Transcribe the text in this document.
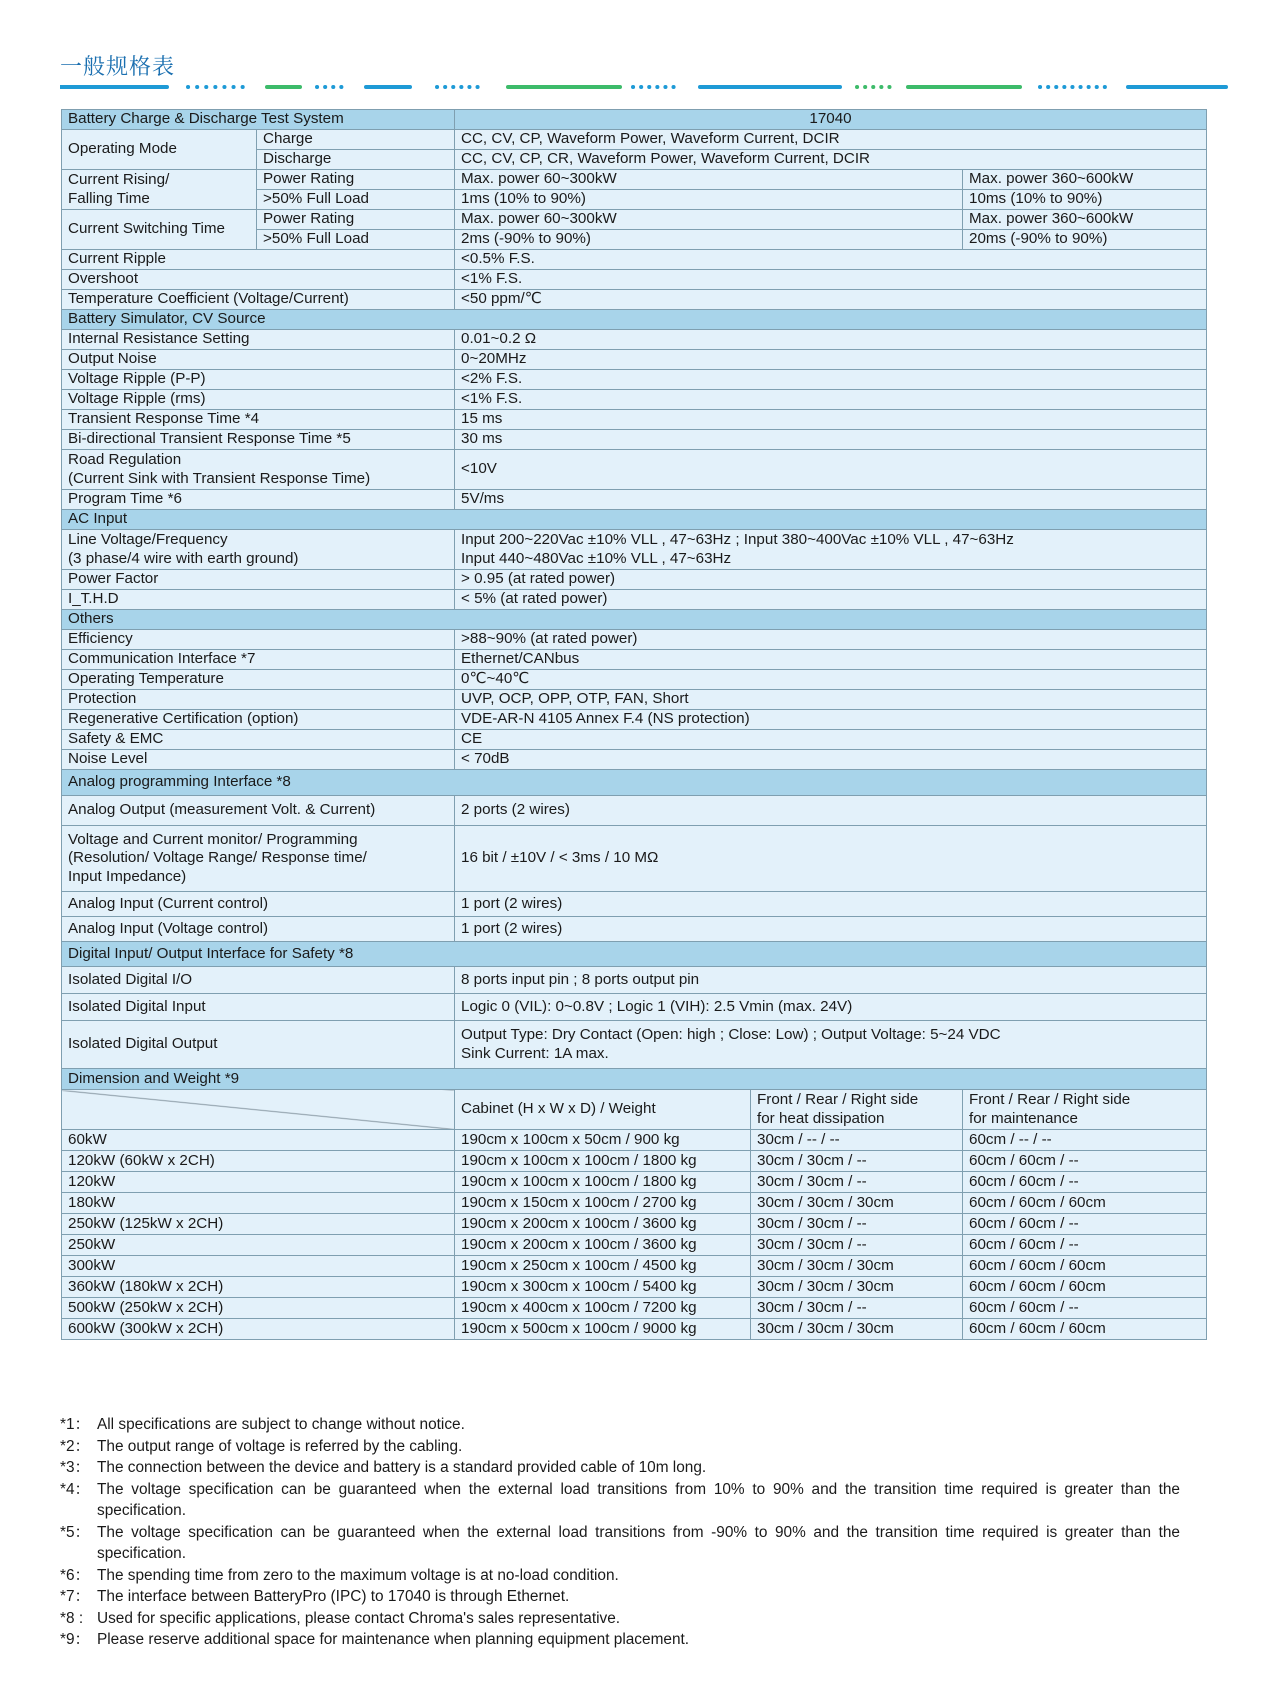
一般规格表
Battery Charge & Discharge Test System		17040		
Operating Mode	Charge	CC, CV, CP, Waveform Power, Waveform Current, DCIR		
	Discharge	CC, CV, CP, CR, Waveform Power, Waveform Current, DCIR		
Current Rising/
Falling Time	Power Rating	Max. power 60~300kW		Max. power 360~600kW
	>50% Full Load	1ms (10% to 90%)		10ms (10% to 90%)
Current Switching Time	Power Rating	Max. power 60~300kW		Max. power 360~600kW
	>50% Full Load	2ms (-90% to 90%)		20ms (-90% to 90%)
Current Ripple		<0.5% F.S.		
Overshoot		<1% F.S.		
Temperature Coefficient (Voltage/Current)		<50 ppm/℃		
Battery Simulator, CV Source				
Internal Resistance Setting		0.01~0.2 Ω		
Output Noise		0~20MHz		
Voltage Ripple (P-P)		<2% F.S.		
Voltage Ripple (rms)		<1% F.S.		
Transient Response Time *4		15 ms		
Bi-directional Transient Response Time *5		30 ms		
Road Regulation
(Current Sink with Transient Response Time)		<10V		
Program Time *6		5V/ms		
AC Input				
Line Voltage/Frequency
(3 phase/4 wire with earth ground)		Input 200~220Vac ±10% VLL , 47~63Hz ; Input 380~400Vac ±10% VLL , 47~63Hz
Input 440~480Vac ±10% VLL , 47~63Hz		
Power Factor		> 0.95 (at rated power)		
I_T.H.D		< 5% (at rated power)		
Others				
Efficiency		>88~90% (at rated power)		
Communication Interface *7		Ethernet/CANbus		
Operating Temperature		0℃~40℃		
Protection		UVP, OCP, OPP, OTP, FAN, Short		
Regenerative Certification (option)		VDE-AR-N 4105 Annex F.4 (NS protection)		
Safety & EMC		CE		
Noise Level		< 70dB		
Analog programming Interface *8				
Analog Output (measurement Volt. & Current)		2 ports (2 wires)		
Voltage and Current monitor/ Programming
(Resolution/ Voltage Range/ Response time/
Input Impedance)		16 bit / ±10V / < 3ms / 10 MΩ		
Analog Input (Current control)		1 port (2 wires)		
Analog Input (Voltage control)		1 port (2 wires)		
Digital Input/ Output Interface for Safety *8				
Isolated Digital I/O		8 ports input pin ; 8 ports output pin		
Isolated Digital Input		Logic 0 (VIL): 0~0.8V ; Logic 1 (VIH): 2.5 Vmin (max. 24V)		
Isolated Digital Output		Output Type: Dry Contact (Open: high ; Close: Low) ; Output Voltage: 5~24 VDC
Sink Current: 1A max.		
Dimension and Weight *9				
		Cabinet (H x W x D) / Weight	Front / Rear / Right side
for heat dissipation	Front / Rear / Right side
for maintenance
60kW		190cm x 100cm x 50cm / 900 kg	30cm / -- / --	60cm / -- / --
120kW (60kW x 2CH)		190cm x 100cm x 100cm / 1800 kg	30cm / 30cm / --	60cm / 60cm / --
120kW		190cm x 100cm x 100cm / 1800 kg	30cm / 30cm / --	60cm / 60cm / --
180kW		190cm x 150cm x 100cm / 2700 kg	30cm / 30cm / 30cm	60cm / 60cm / 60cm
250kW (125kW x 2CH)		190cm x 200cm x 100cm / 3600 kg	30cm / 30cm / --	60cm / 60cm / --
250kW		190cm x 200cm x 100cm / 3600 kg	30cm / 30cm / --	60cm / 60cm / --
300kW		190cm x 250cm x 100cm / 4500 kg	30cm / 30cm / 30cm	60cm / 60cm / 60cm
360kW (180kW x 2CH)		190cm x 300cm x 100cm / 5400 kg	30cm / 30cm / 30cm	60cm / 60cm / 60cm
500kW (250kW x 2CH)		190cm x 400cm x 100cm / 7200 kg	30cm / 30cm / --	60cm / 60cm / --
600kW (300kW x 2CH)		190cm x 500cm x 100cm / 9000 kg	30cm / 30cm / 30cm	60cm / 60cm / 60cm
*1： All specifications are subject to change without notice.
*2： The output range of voltage is referred by the cabling.
*3： The connection between the device and battery is a standard provided cable of 10m long.
*4： The voltage specification can be guaranteed when the external load transitions from 10% to 90% and the transition time required is greater than the specification.
*5： The voltage specification can be guaranteed when the external load transitions from -90% to 90% and the transition time required is greater than the specification.
*6： The spending time from zero to the maximum voltage is at no-load condition.
*7： The interface between BatteryPro (IPC) to 17040 is through Ethernet.
*8 : Used for specific applications, please contact Chroma's sales representative.
*9： Please reserve additional space for maintenance when planning equipment placement.
